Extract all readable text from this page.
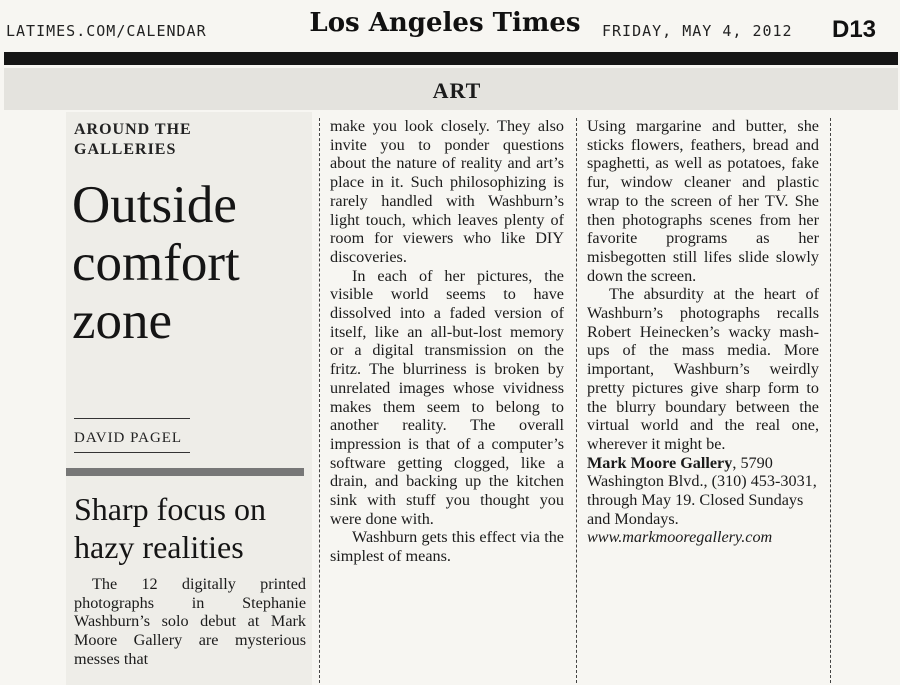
LATIMES.COM/CALENDAR	Los Angeles Times	FRIDAY, MAY 4, 2012 D13
ART
AROUND THE
GALLERIES
Outside
comfort
zone
DAVID PAGEL
Sharp focus on
hazy realities

The 12 digitally printed photographs in Stephanie Washburn’s solo debut at Mark Moore Gallery are mysterious messes that

make you look closely. They also invite you to ponder questions about the nature of reality and art’s place in it. Such philosophizing is rarely handled with Washburn’s light touch, which leaves plenty of room for viewers who like DIY discoveries.

In each of her pictures, the visible world seems to have dissolved into a faded version of itself, like an all-but-lost memory or a digital transmission on the fritz. The blurriness is broken by unrelated images whose vividness makes them seem to belong to another reality. The overall impression is that of a computer’s software getting clogged, like a drain, and backing up the kitchen sink with stuff you thought you were done with.

Washburn gets this effect via the simplest of means.

Using margarine and butter, she sticks flowers, feathers, bread and spaghetti, as well as potatoes, fake fur, window cleaner and plastic wrap to the screen of her TV. She then photographs scenes from her favorite programs as her misbegotten still lifes slide slowly down the screen.

The absurdity at the heart of Washburn’s photographs recalls Robert Heinecken’s wacky mash-ups of the mass media. More important, Washburn’s weirdly pretty pictures give sharp form to the blurry boundary between the virtual world and the real one, wherever it might be.

Mark Moore Gallery, 5790 Washington Blvd., (310) 453-3031, through May 19. Closed Sundays and Mondays. www.markmooregallery.com
